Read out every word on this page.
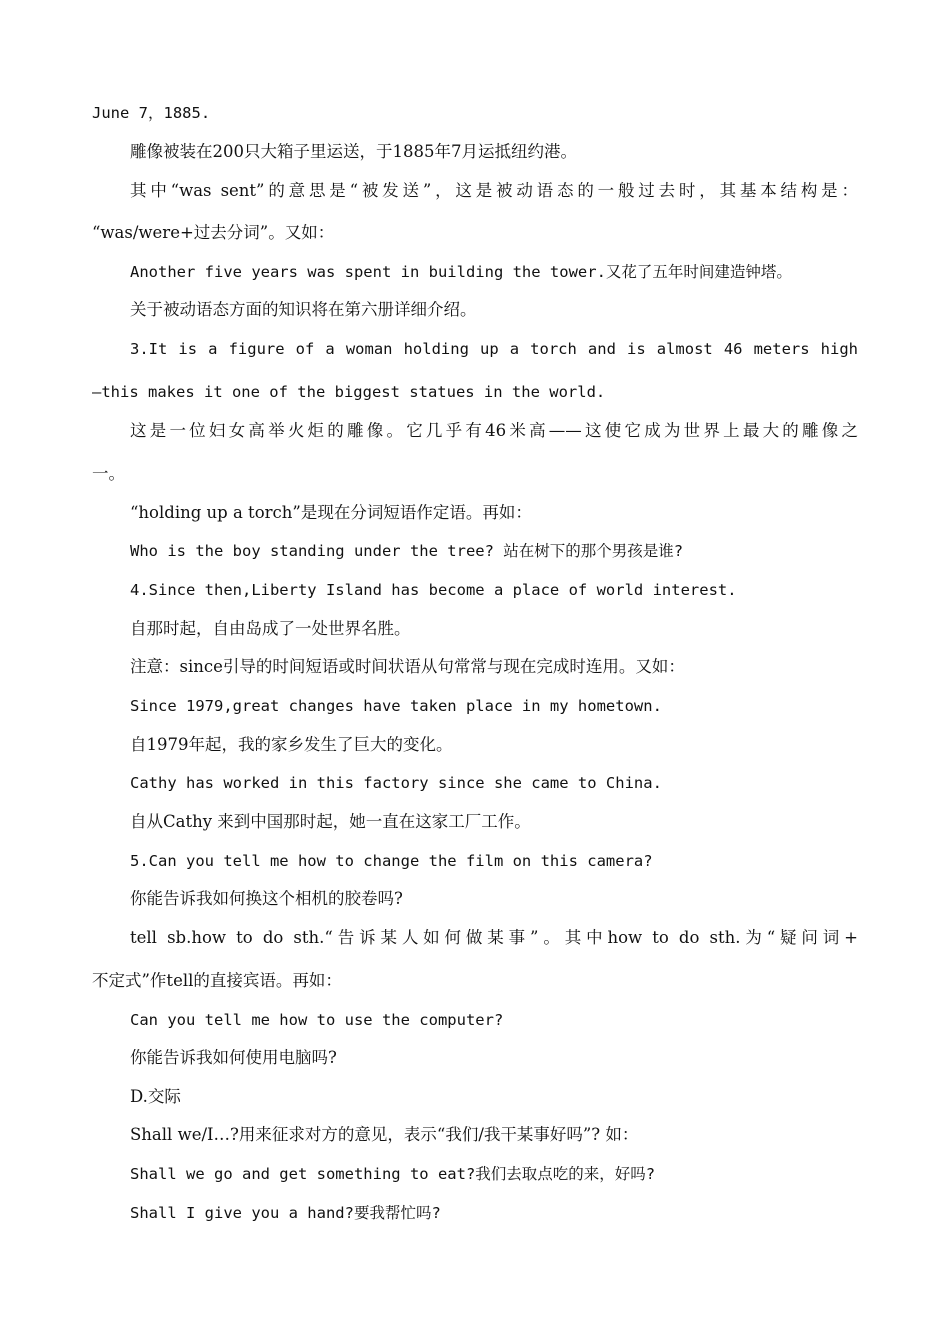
June 7，1885.
雕像被装在200只大箱子里运送，于1885年7月运抵纽约港。
其中“was sent”的意思是“被发送”，这是被动语态的一般过去时，其基本结构是：
“was/were+过去分词”。又如：
Another five years was spent in building the tower.又花了五年时间建造钟塔。
关于被动语态方面的知识将在第六册详细介绍。
3.It is a figure of a woman holding up a torch and is almost 46 meters high
—this makes it one of the biggest statues in the world.
这是一位妇女高举火炬的雕像。它几乎有46米高——这使它成为世界上最大的雕像之
一。
“holding up a torch”是现在分词短语作定语。再如：
Who is the boy standing under the tree? 站在树下的那个男孩是谁?
4.Since then,Liberty Island has become a place of world interest.
自那时起，自由岛成了一处世界名胜。
注意：since引导的时间短语或时间状语从句常常与现在完成时连用。又如：
Since 1979,great changes have taken place in my hometown.
自1979年起，我的家乡发生了巨大的变化。
Cathy has worked in this factory since she came to China.
自从Cathy 来到中国那时起，她一直在这家工厂工作。
5.Can you tell me how to change the film on this camera?
你能告诉我如何换这个相机的胶卷吗?
tell sb.how to do sth.“告诉某人如何做某事”。其中how to do sth.为“疑问词+
不定式”作tell的直接宾语。再如：
Can you tell me how to use the computer?
你能告诉我如何使用电脑吗?
D.交际
Shall we/I…?用来征求对方的意见，表示“我们/我干某事好吗”? 如：
Shall we go and get something to eat?我们去取点吃的来，好吗?
Shall I give you a hand?要我帮忙吗?
